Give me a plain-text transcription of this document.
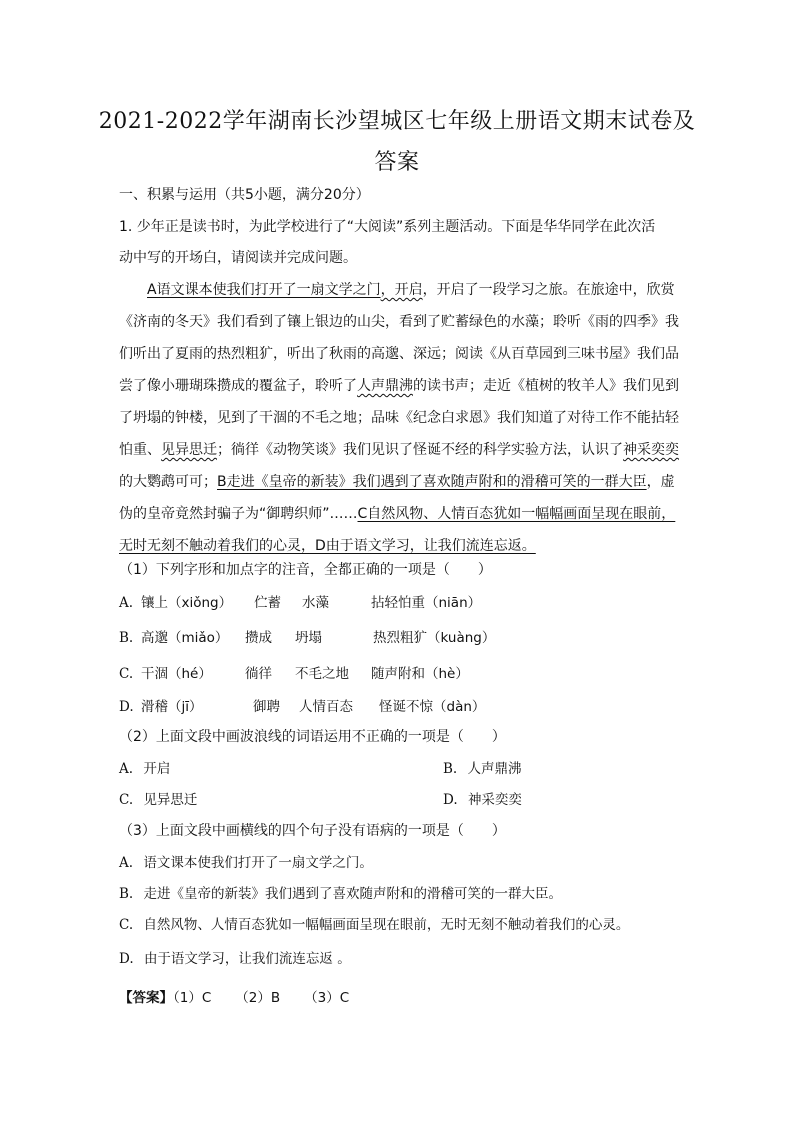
2021-2022学年湖南长沙望城区七年级上册语文期末试卷及
答案
一、积累与运用（共5小题，满分20分）
1. 少年正是读书时，为此学校进行了“大阅读”系列主题活动。下面是华华同学在此次活
动中写的开场白，请阅读并完成问题。

A语文课本使我们打开了一扇文学之门，开启，开启了一段学习之旅。在旅途中，欣赏《济南的冬天》我们看到了镶上银边的山尖，看到了贮蓄绿色的水藻；聆听《雨的四季》我们听出了夏雨的热烈粗犷，听出了秋雨的高邈、深远；阅读《从百草园到三味书屋》我们品尝了像小珊瑚珠攒成的覆盆子，聆听了人声鼎沸的读书声；走近《植树的牧羊人》我们见到了坍塌的钟楼，见到了干涸的不毛之地；品味《纪念白求恩》我们知道了对待工作不能拈轻怕重、见异思迁；徜徉《动物笑谈》我们见识了怪诞不经的科学实验方法，认识了神采奕奕的大鹦鹉可可；B走进《皇帝的新装》我们遇到了喜欢随声附和的滑稽可笑的一群大臣，虚伪的皇帝竟然封骗子为“御聘织师”……C自然风物、人情百态犹如一幅幅画面呈现在眼前，无时无刻不触动着我们的心灵，D由于语文学习，让我们流连忘返。

（1）下列字形和加点字的注音，全都正确的一项是（　　）
A. 镶上（xiǒng） 伫蓄 水藻	拈轻怕重（niān）
B. 高邈（miǎo） 攒成 坍塌	热烈粗犷（kuàng）
C. 干涸（hé） 徜徉 不毛之地 随声附和（hè）
D. 滑稽（jī）	御聘 人情百态 怪诞不惊（dàn）
（2）上面文段中画波浪线的词语运用不正确的一项是（　　）
A. 开启	B. 人声鼎沸
C. 见异思迁	D. 神采奕奕
（3）上面文段中画横线的四个句子没有语病的一项是（　　）
A. 语文课本使我们打开了一扇文学之门。
B. 走进《皇帝的新装》我们遇到了喜欢随声附和的滑稽可笑的一群大臣。
C. 自然风物、人情百态犹如一幅幅画面呈现在眼前，无时无刻不触动着我们的心灵。
D. 由于语文学习，让我们流连忘返 。
【答案】（1）C （2）B （3）C
